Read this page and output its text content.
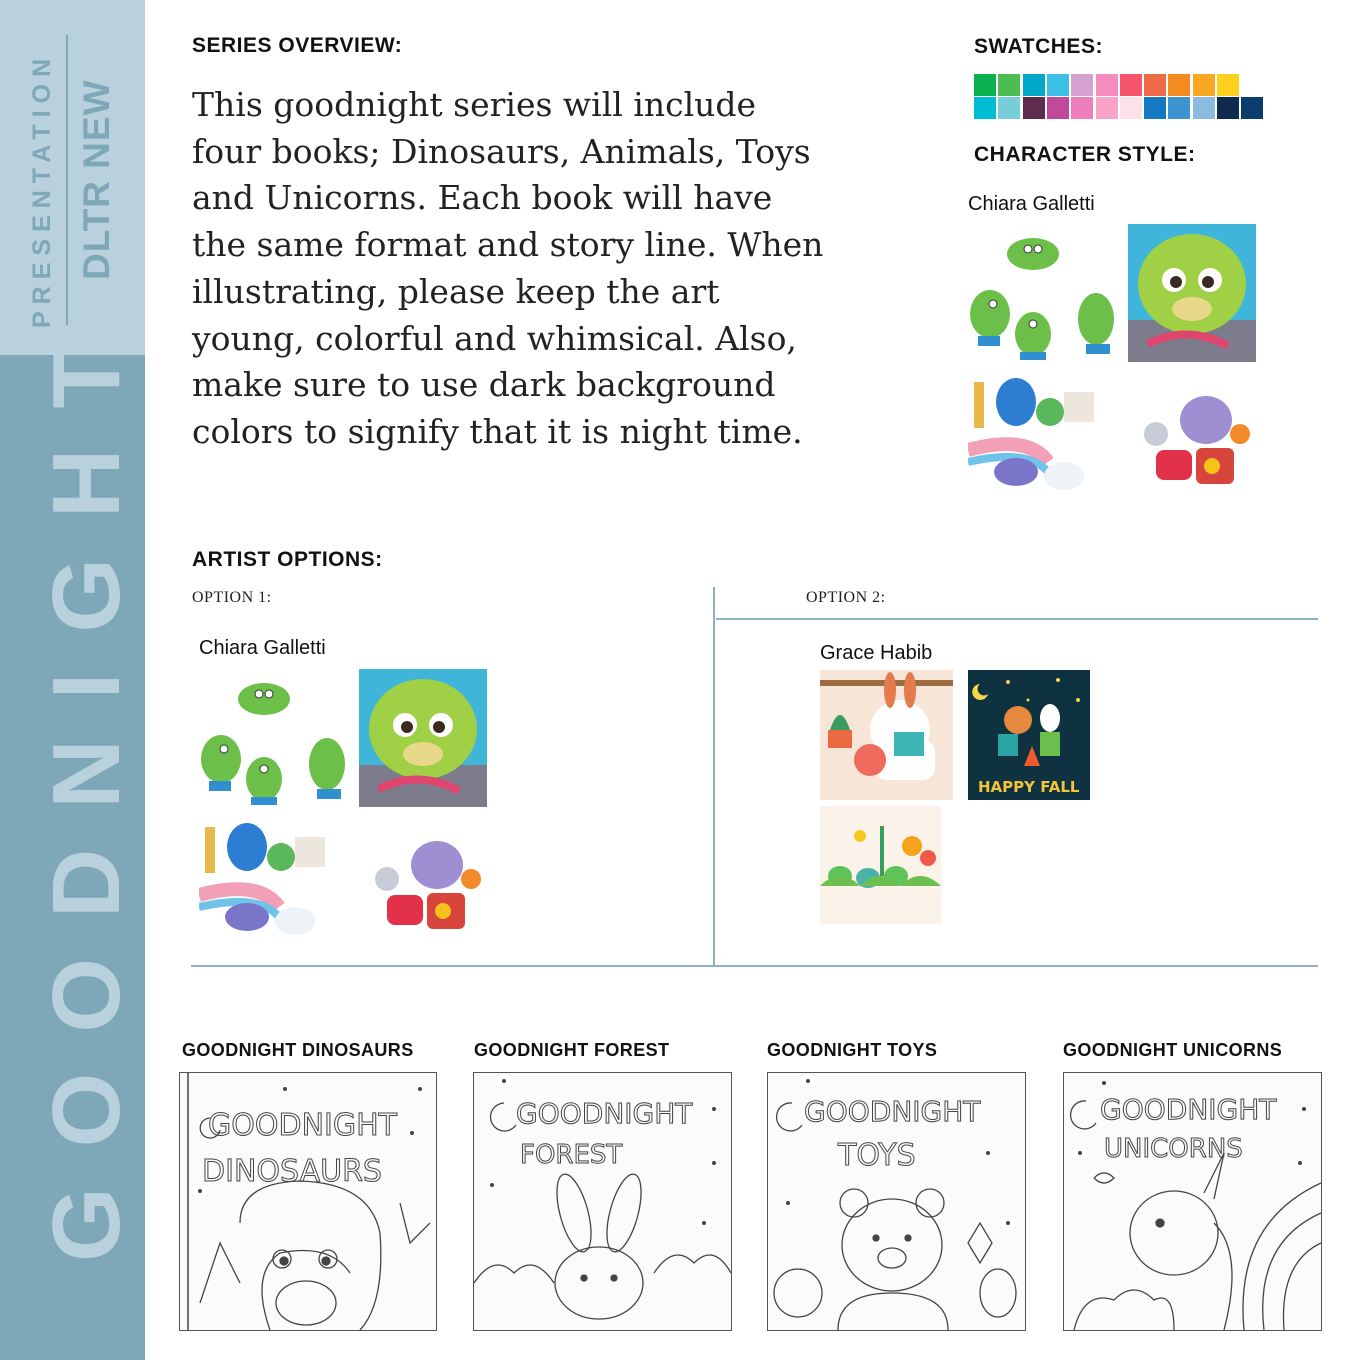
PRESENTATION DLTR NEW
GOODNIGHT
SERIES OVERVIEW:
This goodnight series will include four books; Dinosaurs, Animals, Toys and Unicorns. Each book will have the same format and story line. When illustrating, please keep the art young, colorful and whimsical. Also, make sure to use dark background colors to signify that it is night time.
SWATCHES:
CHARACTER STYLE:
Chiara Galletti
ARTIST OPTIONS:
OPTION 1:	OPTION 2:
Chiara Galletti	Grace Habib
HAPPY FALL
GOODNIGHT DINOSAURS	GOODNIGHT FOREST	GOODNIGHT TOYS	GOODNIGHT UNICORNS
GOODNIGHT
DINOSAURS
GOODNIGHT
FOREST
GOODNIGHT
TOYS
GOODNIGHT
UNICORNS
